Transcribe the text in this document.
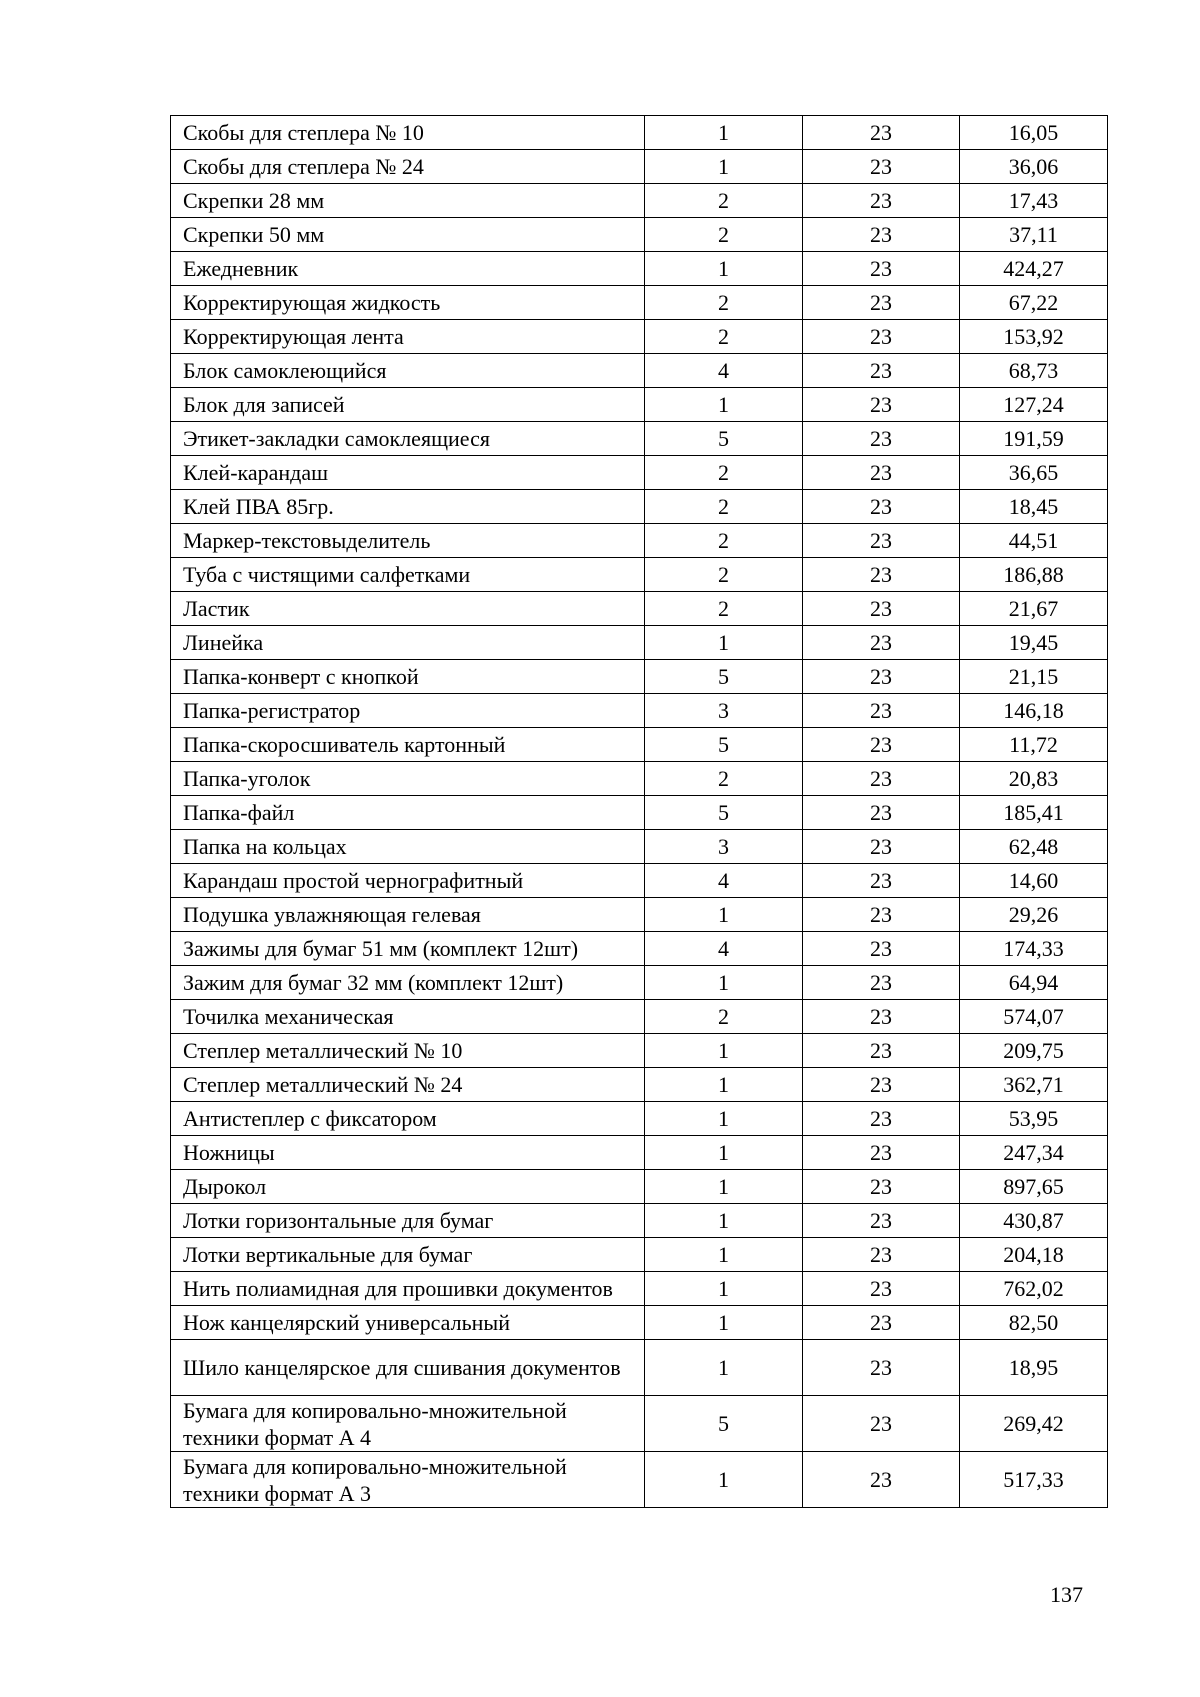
Скобы для степлера № 10	1	23	16,05
Скобы для степлера № 24	1	23	36,06
Скрепки 28 мм	2	23	17,43
Скрепки 50 мм	2	23	37,11
Ежедневник	1	23	424,27
Корректирующая жидкость	2	23	67,22
Корректирующая лента	2	23	153,92
Блок самоклеющийся	4	23	68,73
Блок для записей	1	23	127,24
Этикет-закладки самоклеящиеся	5	23	191,59
Клей-карандаш	2	23	36,65
Клей ПВА 85гр.	2	23	18,45
Маркер-текстовыделитель	2	23	44,51
Туба с чистящими салфетками	2	23	186,88
Ластик	2	23	21,67
Линейка	1	23	19,45
Папка-конверт с кнопкой	5	23	21,15
Папка-регистратор	3	23	146,18
Папка-скоросшиватель картонный	5	23	11,72
Папка-уголок	2	23	20,83
Папка-файл	5	23	185,41
Папка на кольцах	3	23	62,48
Карандаш простой чернографитный	4	23	14,60
Подушка увлажняющая гелевая	1	23	29,26
Зажимы для бумаг 51 мм (комплект 12шт)	4	23	174,33
Зажим для бумаг 32 мм (комплект 12шт)	1	23	64,94
Точилка механическая	2	23	574,07
Степлер металлический № 10	1	23	209,75
Степлер металлический № 24	1	23	362,71
Антистеплер с фиксатором	1	23	53,95
Ножницы	1	23	247,34
Дырокол	1	23	897,65
Лотки горизонтальные для бумаг	1	23	430,87
Лотки вертикальные для бумаг	1	23	204,18
Нить полиамидная для прошивки документов	1	23	762,02
Нож канцелярский универсальный	1	23	82,50
Шило канцелярское для сшивания документов	1	23	18,95
Бумага для копировально-множительной техники формат А 4	5	23	269,42
Бумага для копировально-множительной техники формат А 3	1	23	517,33
137
